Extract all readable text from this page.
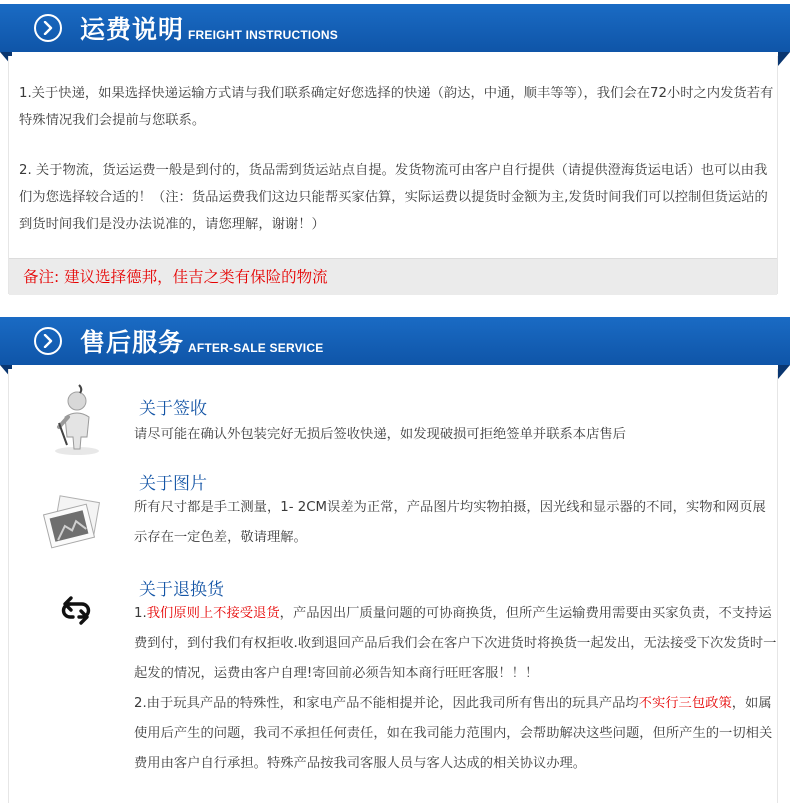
运费说明 FREIGHT INSTRUCTIONS
1.关于快递，如果选择快递运输方式请与我们联系确定好您选择的快递（韵达，中通，顺丰等等），我们会在72小时之内发货若有特殊情况我们会提前与您联系。
2. 关于物流，货运运费一般是到付的，货品需到货运站点自提。发货物流可由客户自行提供（请提供澄海货运电话）也可以由我们为您选择较合适的！（注：货品运费我们这边只能帮买家估算，实际运费以提货时金额为主,发货时间我们可以控制但货运站的到货时间我们是没办法说准的，请您理解，谢谢！）
备注: 建议选择德邦，佳吉之类有保险的物流
售后服务 AFTER-SALE SERVICE
关于签收
请尽可能在确认外包装完好无损后签收快递，如发现破损可拒绝签单并联系本店售后
关于图片
所有尺寸都是手工测量，1- 2CM误差为正常，产品图片均实物拍摄，因光线和显示器的不同，实物和网页展示存在一定色差，敬请理解。
关于退换货
1.我们原则上不接受退货，产品因出厂质量问题的可协商换货，但所产生运输费用需要由买家负责，不支持运费到付，到付我们有权拒收.收到退回产品后我们会在客户下次进货时将换货一起发出，无法接受下次发货时一起发的情况，运费由客户自理!寄回前必须告知本商行旺旺客服！！！
2.由于玩具产品的特殊性，和家电产品不能相提并论，因此我司所有售出的玩具产品均不实行三包政策，如属使用后产生的问题，我司不承担任何责任，如在我司能力范围内，会帮助解决这些问题，但所产生的一切相关费用由客户自行承担。特殊产品按我司客服人员与客人达成的相关协议办理。
